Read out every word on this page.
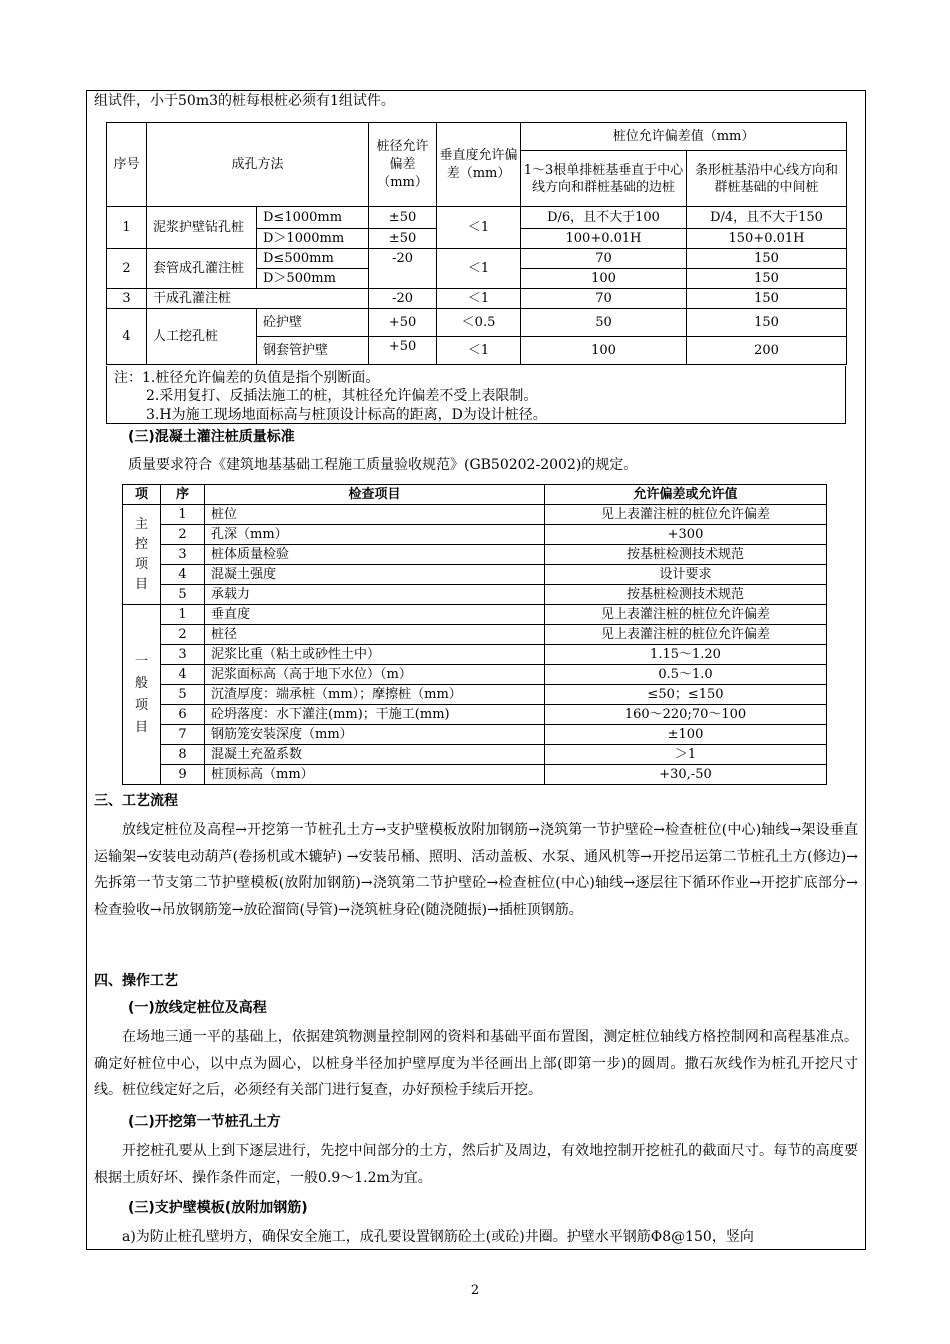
组试件，小于50m3的桩每根桩必须有1组试件。
序号	成孔方法		桩径允许偏差（mm）	垂直度允许偏差（mm）	桩位允许偏差值（mm）	
					1～3根单排桩基垂直于中心线方向和群桩基础的边桩	条形桩基沿中心线方向和群桩基础的中间桩
1	泥浆护壁钻孔桩	D≤1000mm	±50	＜1	D/6，且不大于100	D/4，且不大于150
		D＞1000mm	±50		100+0.01H	150+0.01H
2	套管成孔灌注桩	D≤500mm	-20	＜1	70	150
		D＞500mm			100	150
3	干成孔灌注桩		-20	＜1	70	150
4	人工挖孔桩	砼护壁	+50	＜0.5	50	150
		钢套管护壁	+50	＜1	100	200
注：1.桩径允许偏差的负值是指个别断面。
2.采用复打、反插法施工的桩，其桩径允许偏差不受上表限制。
3.H为施工现场地面标高与桩顶设计标高的距离，D为设计桩径。
(三)混凝土灌注桩质量标准
质量要求符合《建筑地基基础工程施工质量验收规范》(GB50202-2002)的规定。
项	序	检查项目	允许偏差或允许值
主控项目	1	桩位	见上表灌注桩的桩位允许偏差
	2	孔深（mm）	+300
	3	桩体质量检验	按基桩检测技术规范
	4	混凝土强度	设计要求
	5	承载力	按基桩检测技术规范
一般项目	1	垂直度	见上表灌注桩的桩位允许偏差
	2	桩径	见上表灌注桩的桩位允许偏差
	3	泥浆比重（粘土或砂性土中）	1.15～1.20
	4	泥浆面标高（高于地下水位）（m）	0.5～1.0
	5	沉渣厚度：端承桩（mm）；摩擦桩（mm）	≤50；≤150
	6	砼坍落度：水下灌注(mm)；干施工(mm)	160～220;70～100
	7	钢筋笼安装深度（mm）	±100
	8	混凝土充盈系数	＞1
	9	桩顶标高（mm）	+30,-50
三、工艺流程
放线定桩位及高程→开挖第一节桩孔土方→支护壁模板放附加钢筋→浇筑第一节护壁砼→检查桩位(中心)轴线→架设垂直运输架→安装电动葫芦(卷扬机或木辘轳) →安装吊桶、照明、活动盖板、水泵、通风机等→开挖吊运第二节桩孔土方(修边)→先拆第一节支第二节护壁模板(放附加钢筋)→浇筑第二节护壁砼→检查桩位(中心)轴线→逐层往下循环作业→开挖扩底部分→检查验收→吊放钢筋笼→放砼溜筒(导管)→浇筑桩身砼(随浇随振)→插桩顶钢筋。
四、操作工艺
(一)放线定桩位及高程
在场地三通一平的基础上，依据建筑物测量控制网的资料和基础平面布置图，测定桩位轴线方格控制网和高程基准点。确定好桩位中心，以中点为圆心，以桩身半径加护壁厚度为半径画出上部(即第一步)的圆周。撒石灰线作为桩孔开挖尺寸线。桩位线定好之后，必须经有关部门进行复查，办好预检手续后开挖。
(二)开挖第一节桩孔土方
开挖桩孔要从上到下逐层进行，先挖中间部分的土方，然后扩及周边，有效地控制开挖桩孔的截面尺寸。每节的高度要根据土质好坏、操作条件而定，一般0.9～1.2m为宜。
(三)支护壁模板(放附加钢筋)
a)为防止桩孔壁坍方，确保安全施工，成孔要设置钢筋砼土(或砼)井圈。护壁水平钢筋Φ8@150，竖向
2
